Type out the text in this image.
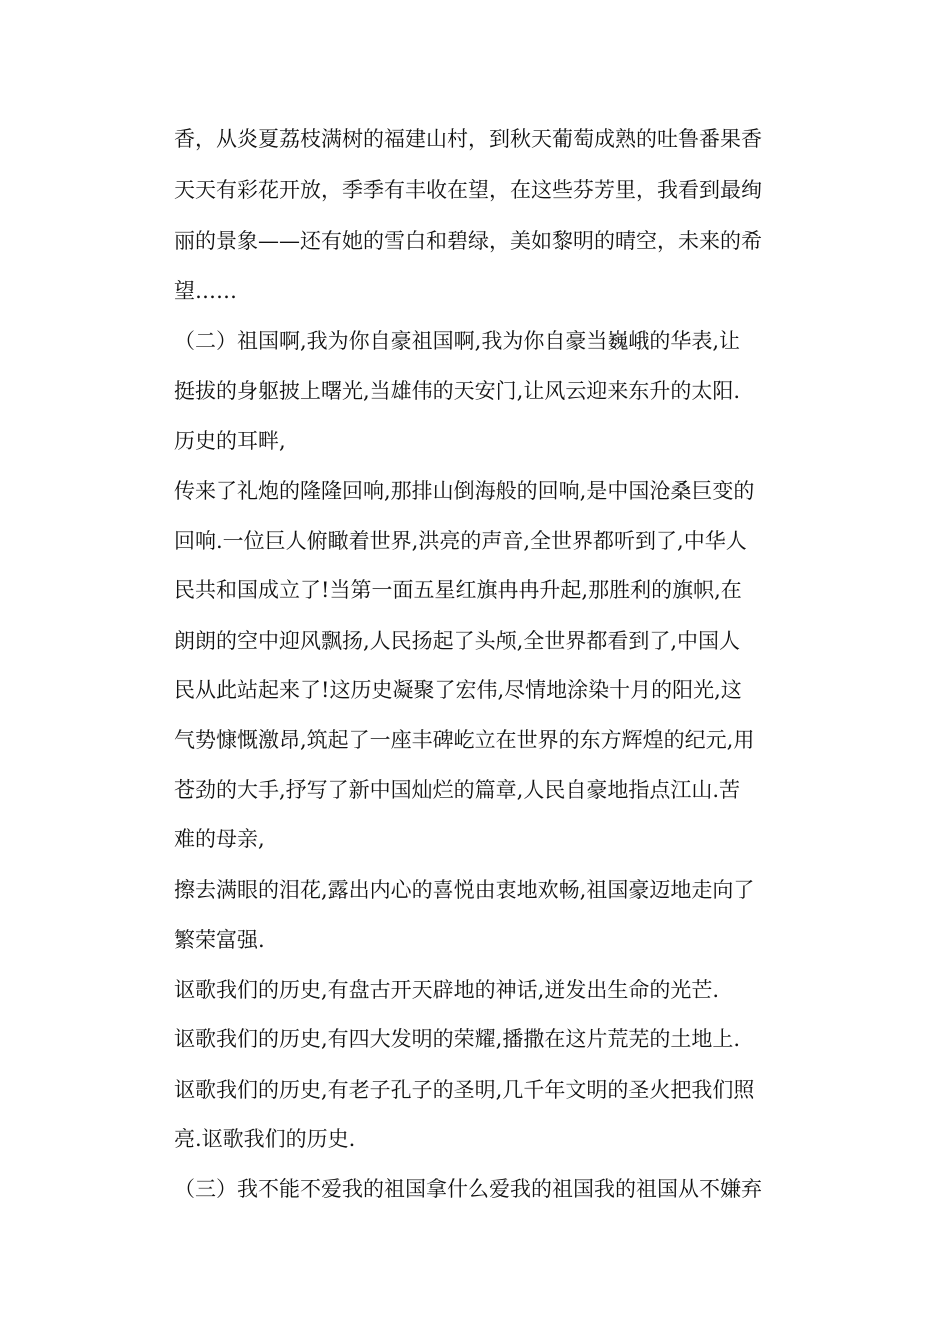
香，从炎夏荔枝满树的福建山村，到秋天葡萄成熟的吐鲁番果香
天天有彩花开放，季季有丰收在望，在这些芬芳里，我看到最绚
丽的景象——还有她的雪白和碧绿，美如黎明的晴空，未来的希
望……
（二）祖国啊,我为你自豪祖国啊,我为你自豪当巍峨的华表,让
挺拔的身躯披上曙光,当雄伟的天安门,让风云迎来东升的太阳.
历史的耳畔,
传来了礼炮的隆隆回响,那排山倒海般的回响,是中国沧桑巨变的
回响.一位巨人俯瞰着世界,洪亮的声音,全世界都听到了,中华人
民共和国成立了!当第一面五星红旗冉冉升起,那胜利的旗帜,在
朗朗的空中迎风飘扬,人民扬起了头颅,全世界都看到了,中国人
民从此站起来了!这历史凝聚了宏伟,尽情地涂染十月的阳光,这
气势慷慨激昂,筑起了一座丰碑屹立在世界的东方辉煌的纪元,用
苍劲的大手,抒写了新中国灿烂的篇章,人民自豪地指点江山.苦
难的母亲,
擦去满眼的泪花,露出内心的喜悦由衷地欢畅,祖国豪迈地走向了
繁荣富强.
讴歌我们的历史,有盘古开天辟地的神话,迸发出生命的光芒.
讴歌我们的历史,有四大发明的荣耀,播撒在这片荒芜的土地上.
讴歌我们的历史,有老子孔子的圣明,几千年文明的圣火把我们照
亮.讴歌我们的历史.
（三）我不能不爱我的祖国拿什么爱我的祖国我的祖国从不嫌弃
